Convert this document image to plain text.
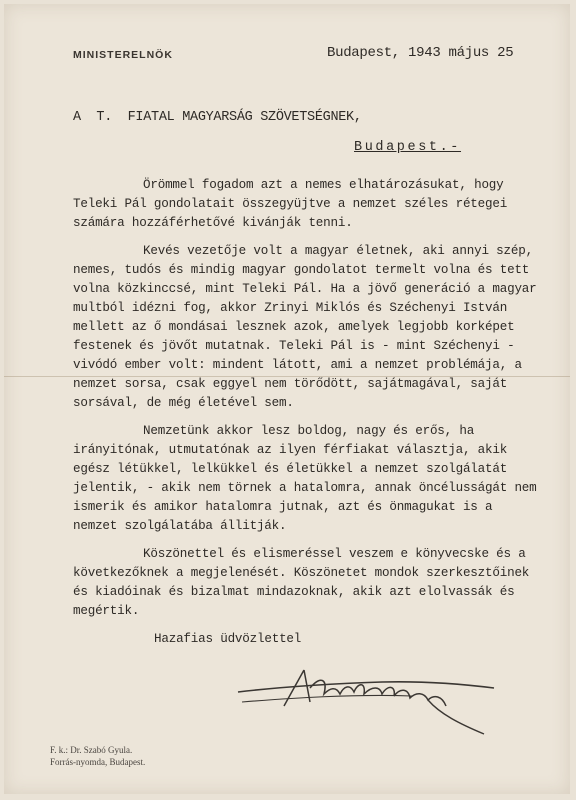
MINISTERELNÖK	Budapest, 1943 május 25
A  T.  FIATAL MAGYARSÁG SZÖVETSÉGNEK,
Budapest.-

Örömmel fogadom azt a nemes elhatározásukat, hogy Teleki Pál gondolatait összegyüjtve a nemzet széles rétegei számára hozzáférhetővé kivánják tenni.

Kevés vezetője volt a magyar életnek, aki annyi szép, nemes, tudós és mindig magyar gondolatot termelt volna és tett volna közkinccsé, mint Teleki Pál. Ha a jövő generáció a magyar multból idézni fog, akkor Zrinyi Miklós és Széchenyi István mellett az ő mondásai lesznek azok, amelyek legjobb korképet festenek és jövőt mutatnak. Teleki Pál is - mint Széchenyi - vivódó ember volt: mindent látott, ami a nemzet problémája, a nemzet sorsa, csak eggyel nem törődött, sajátmagával, saját sorsával, de még életével sem.

Nemzetünk akkor lesz boldog, nagy és erős, ha irányitónak, utmutatónak az ilyen férfiakat választja, akik egész létükkel, lelkükkel és életükkel a nemzet szolgálatát jelentik, - akik nem törnek a hatalomra, annak öncélusságát nem ismerik és amikor hatalomra jutnak, azt és önmagukat is a nemzet szolgálatába állitják.

Köszönettel és elismeréssel veszem e könyvecske és a következőknek a megjelenését. Köszönetet mondok szerkesztőinek és kiadóinak és bizalmat mindazoknak, akik azt elolvassák és megértik.

Hazafias üdvözlettel
F. k.: Dr. Szabó Gyula.
Forrás-nyomda, Budapest.
